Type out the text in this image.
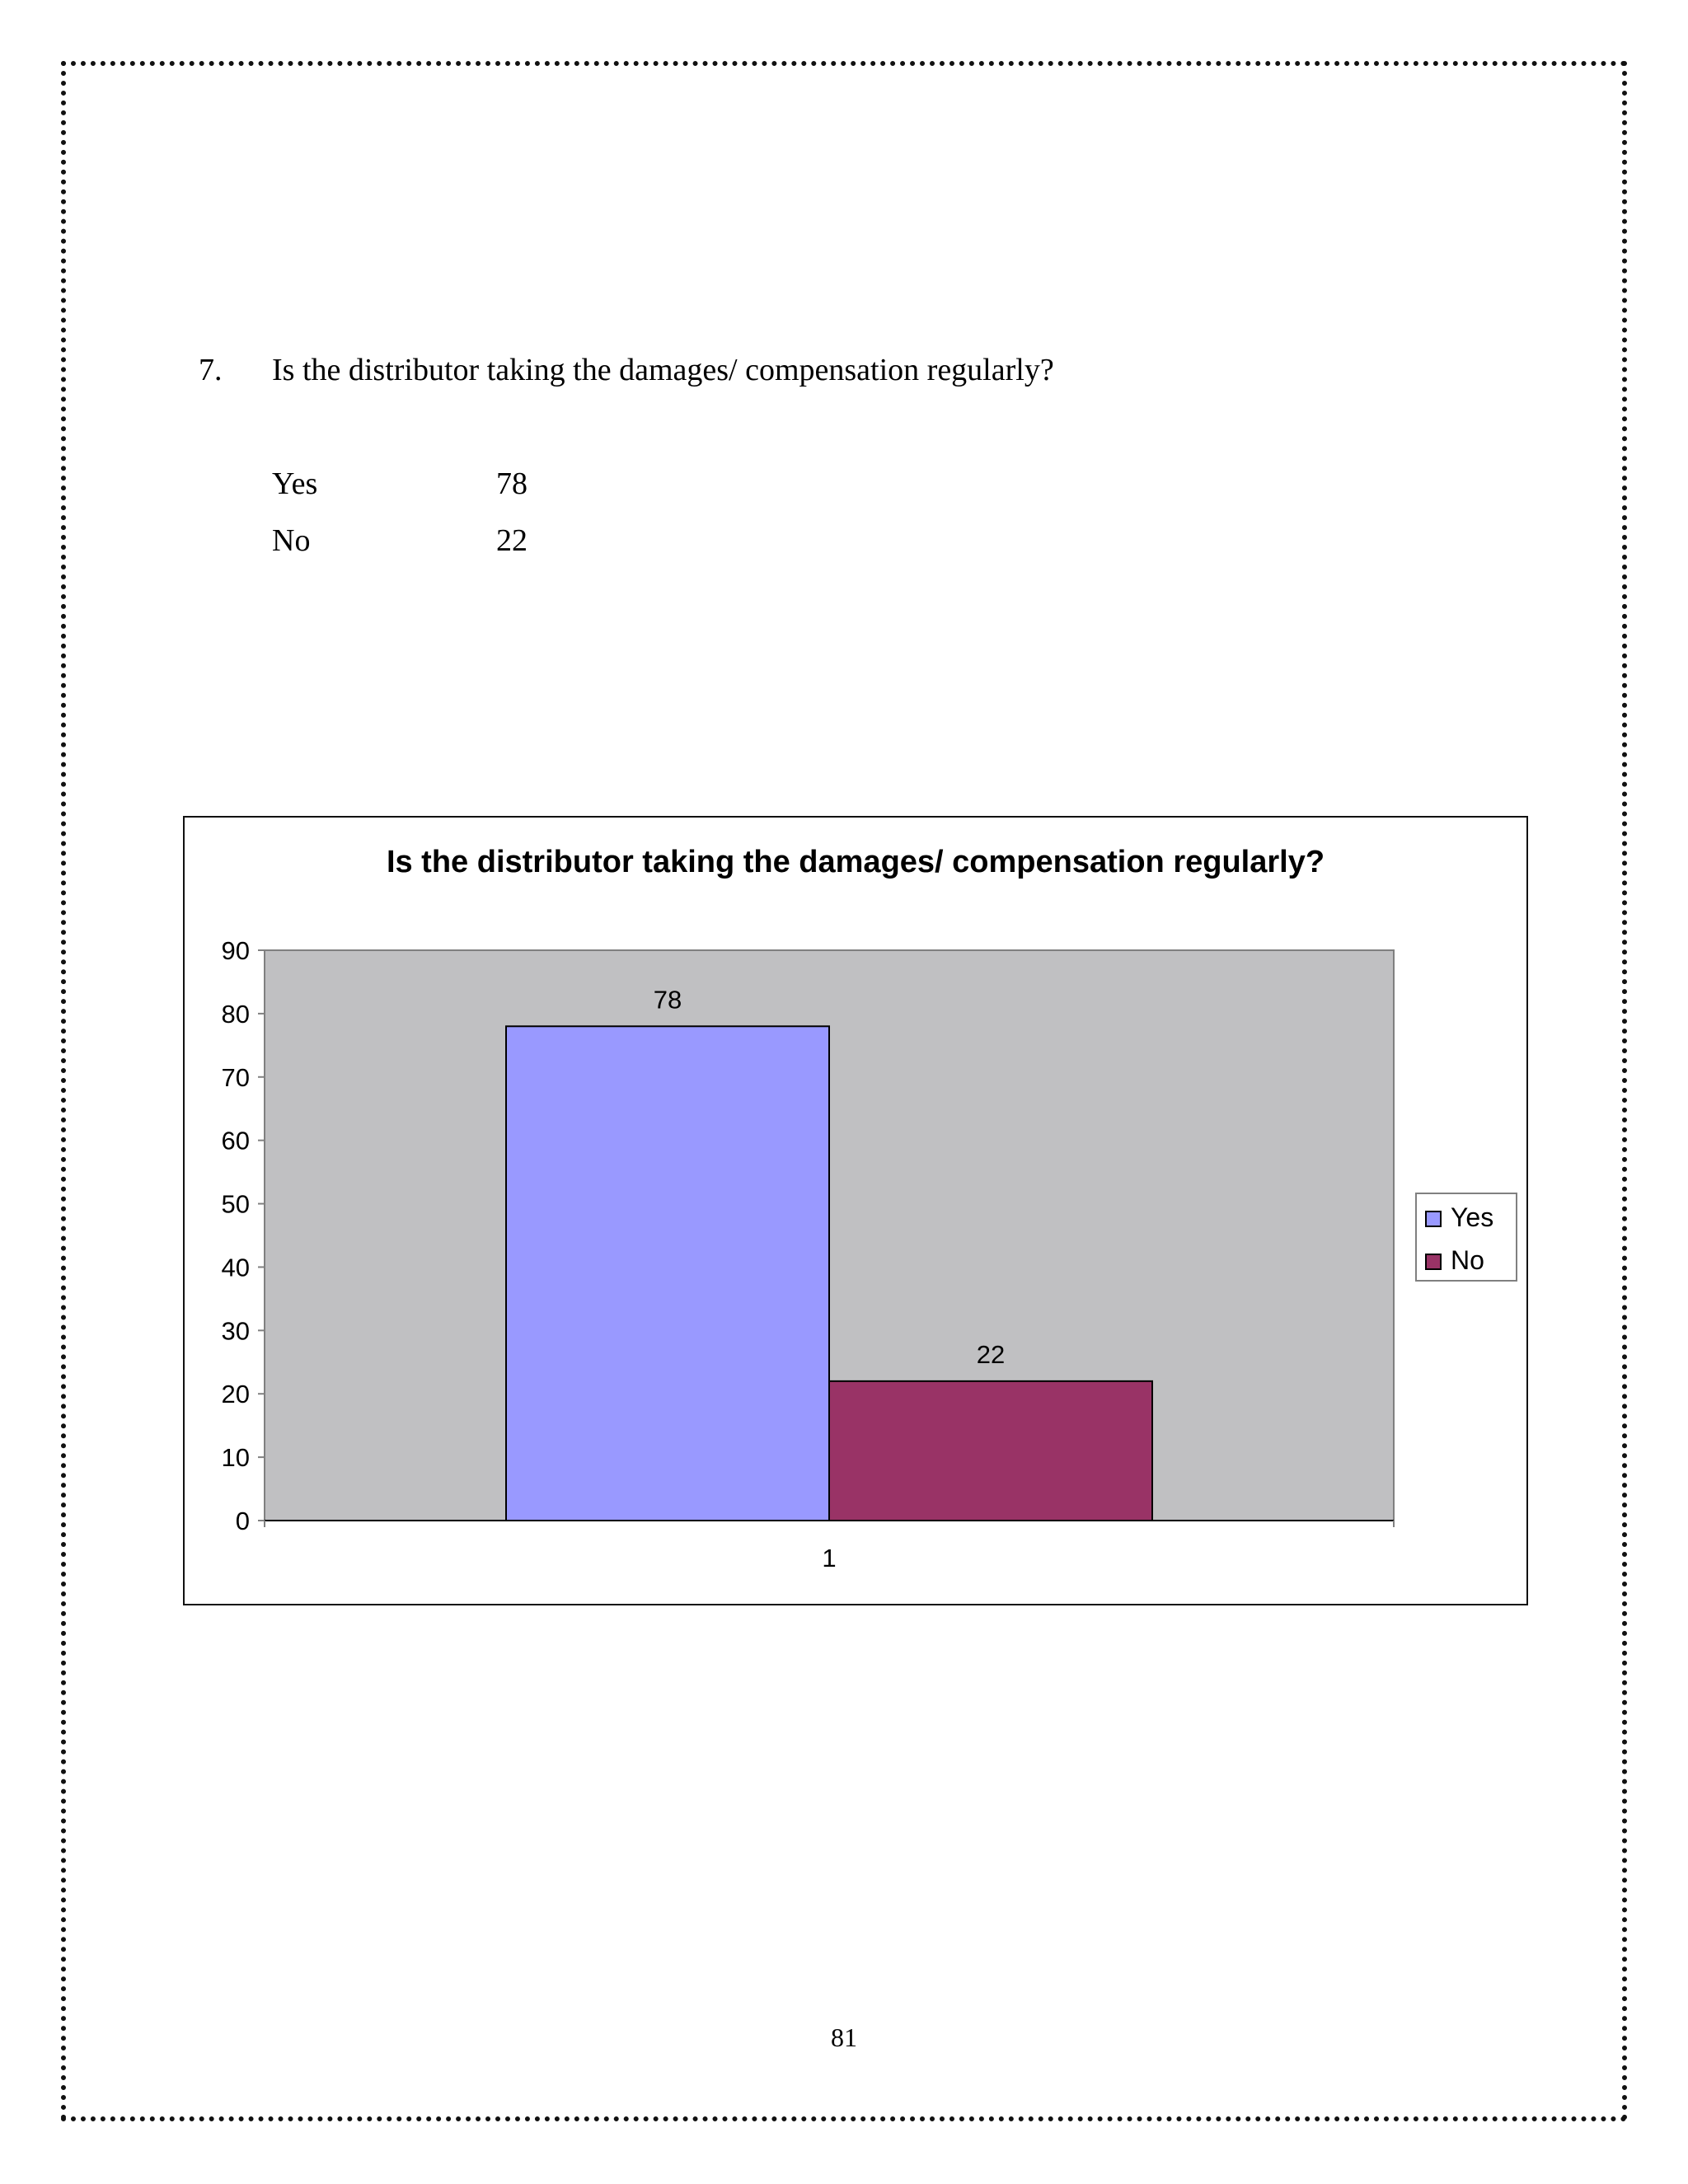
7. Is the distributor taking the damages/ compensation regularly?
Yes	78
No	22
Is the distributor taking the damages/ compensation regularly?
0
10
20
30
40
50
60
70
80
90
78
22
1
Yes
No
81
